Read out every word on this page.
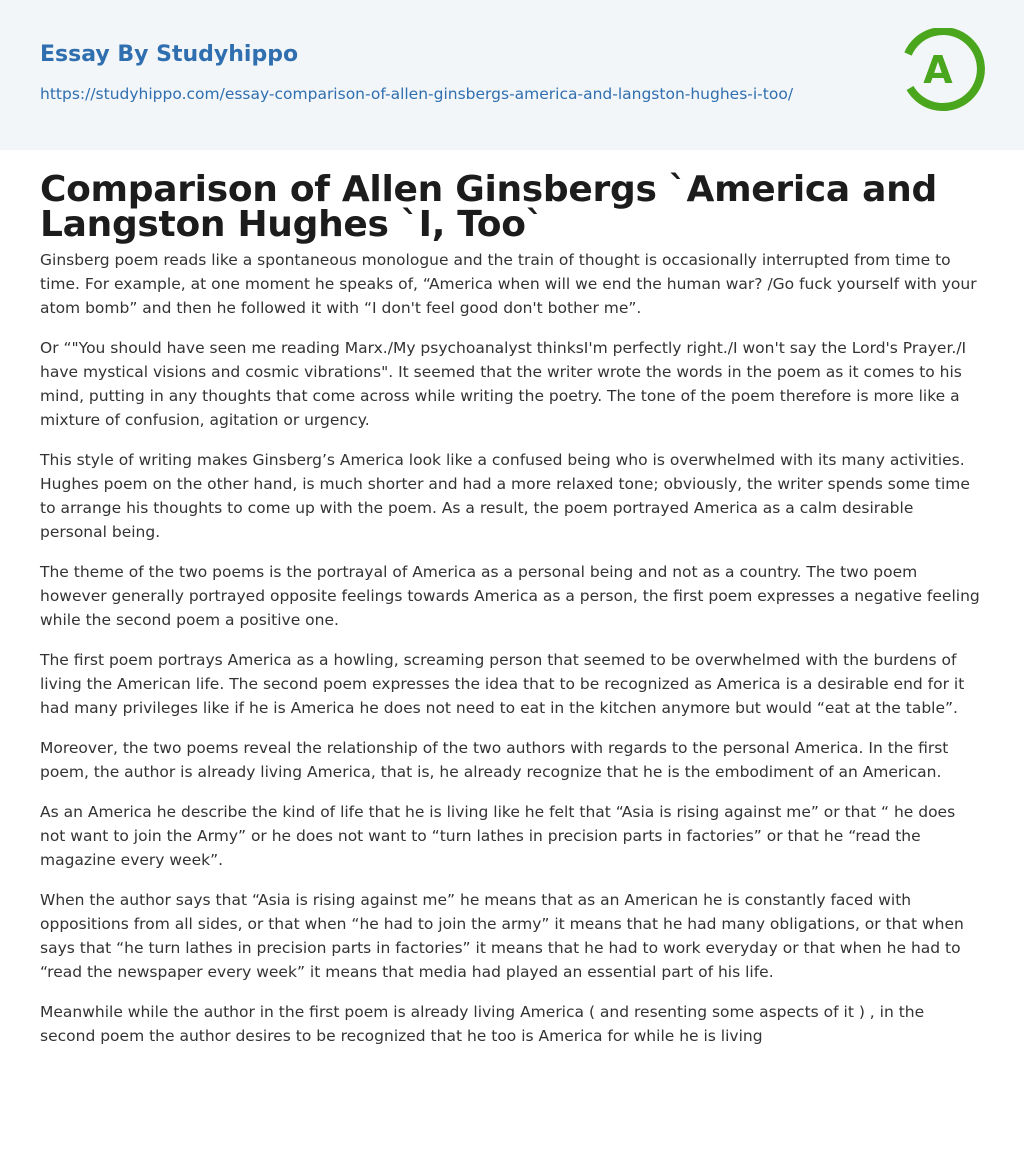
Essay By Studyhippo

https://studyhippo.com/essay-comparison-of-allen-ginsbergs-america-and-langston-hughes-i-too/
A
Comparison of Allen Ginsbergs `America and Langston Hughes `I, Too`

Ginsberg poem reads like a spontaneous monologue and the train of thought is occasionally interrupted from time to time. For example, at one moment he speaks of, “America when will we end the human war? /Go fuck yourself with your atom bomb” and then he followed it with “I don't feel good don't bother me”.

Or “"You should have seen me reading Marx./My psychoanalyst thinksI'm perfectly right./I won't say the Lord's Prayer./I have mystical visions and cosmic vibrations". It seemed that the writer wrote the words in the poem as it comes to his mind, putting in any thoughts that come across while writing the poetry. The tone of the poem therefore is more like a mixture of confusion, agitation or urgency.

This style of writing makes Ginsberg’s America look like a confused being who is overwhelmed with its many activities. Hughes poem on the other hand, is much shorter and had a more relaxed tone; obviously, the writer spends some time to arrange his thoughts to come up with the poem. As a result, the poem portrayed America as a calm desirable personal being.

The theme of the two poems is the portrayal of America as a personal being and not as a country. The two poem however generally portrayed opposite feelings towards America as a person, the first poem expresses a negative feeling while the second poem a positive one.

The first poem portrays America as a howling, screaming person that seemed to be overwhelmed with the burdens of living the American life. The second poem expresses the idea that to be recognized as America is a desirable end for it had many privileges like if he is America he does not need to eat in the kitchen anymore but would “eat at the table”.

Moreover, the two poems reveal the relationship of the two authors with regards to the personal America. In the first poem, the author is already living America, that is, he already recognize that he is the embodiment of an American.

As an America he describe the kind of life that he is living like he felt that “Asia is rising against me” or that “ he does not want to join the Army” or he does not want to “turn lathes in precision parts in factories” or that he “read the magazine every week”.

When the author says that “Asia is rising against me” he means that as an American he is constantly faced with oppositions from all sides, or that when “he had to join the army” it means that he had many obligations, or that when says that “he turn lathes in precision parts in factories” it means that he had to work everyday or that when he had to “read the newspaper every week” it means that media had played an essential part of his life.

Meanwhile while the author in the first poem is already living America ( and resenting some aspects of it ) , in the second poem the author desires to be recognized that he too is America for while he is living
